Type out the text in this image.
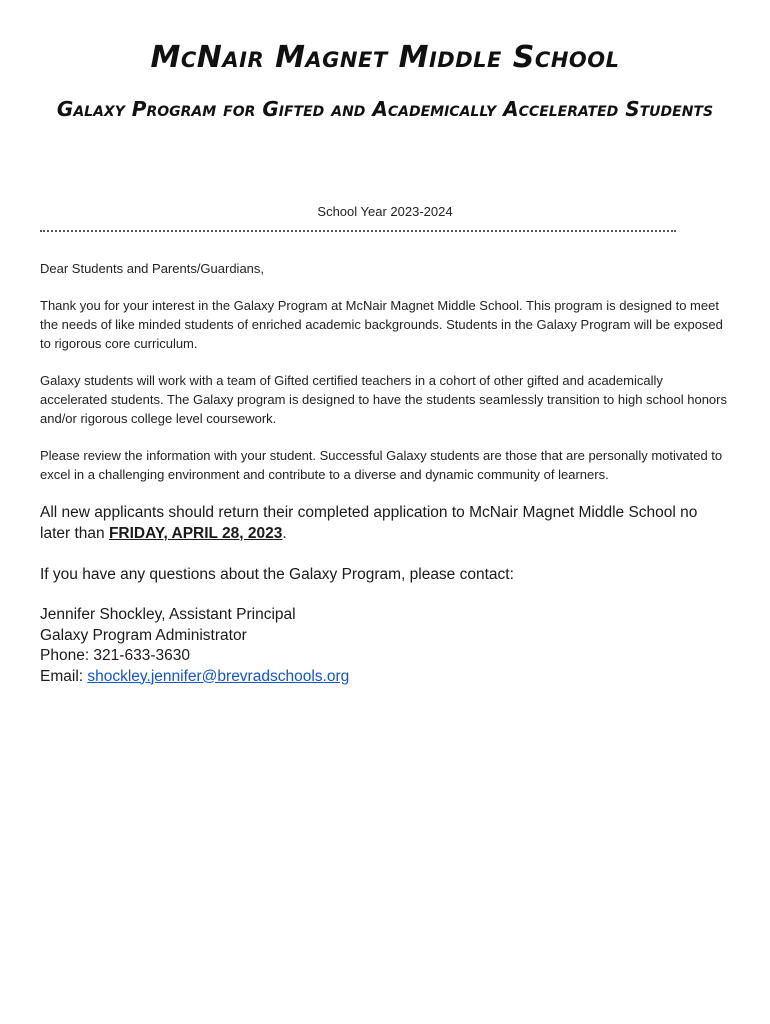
McNair Magnet Middle School
Galaxy Program for Gifted and Academically Accelerated Students
School Year 2023-2024

Dear Students and Parents/Guardians,

Thank you for your interest in the Galaxy Program at McNair Magnet Middle School. This program is designed to meet the needs of like minded students of enriched academic backgrounds. Students in the Galaxy Program will be exposed to rigorous core curriculum.

Galaxy students will work with a team of Gifted certified teachers in a cohort of other gifted and academically accelerated students. The Galaxy program is designed to have the students seamlessly transition to high school honors and/or rigorous college level coursework.

Please review the information with your student. Successful Galaxy students are those that are personally motivated to excel in a challenging environment and contribute to a diverse and dynamic community of learners.

All new applicants should return their completed application to McNair Magnet Middle School no later than FRIDAY, APRIL 28, 2023.

If you have any questions about the Galaxy Program, please contact:

Jennifer Shockley, Assistant Principal
Galaxy Program Administrator
Phone: 321-633-3630
Email: shockley.jennifer@brevradschools.org
